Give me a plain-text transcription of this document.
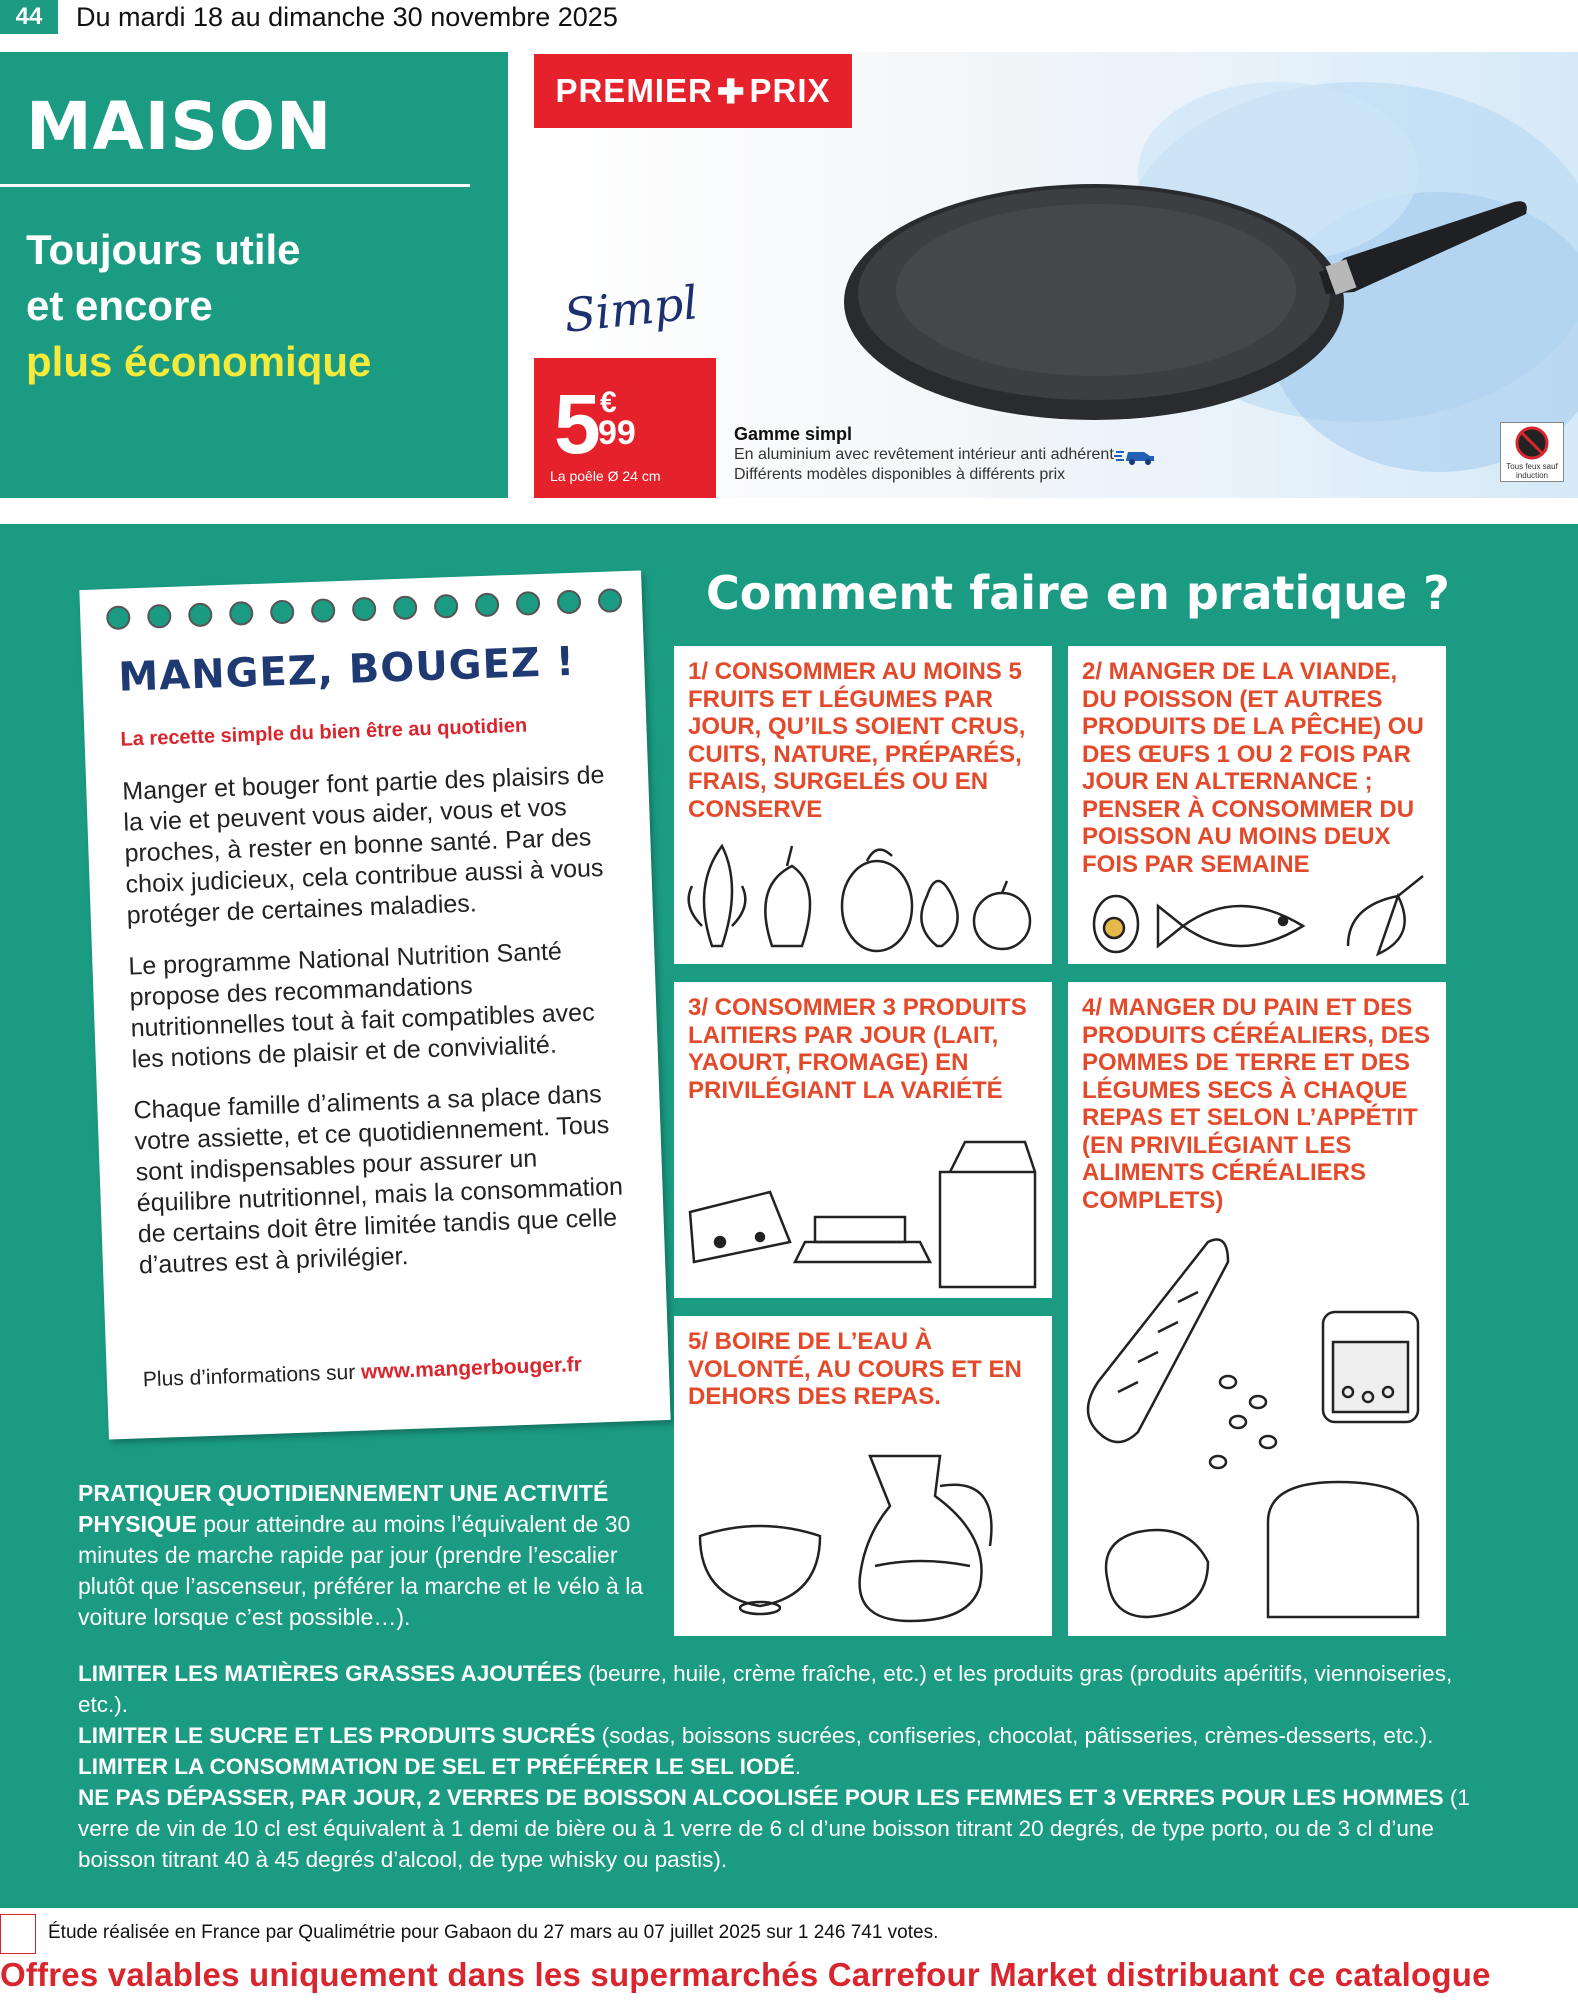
44	Du mardi 18 au dimanche 30 novembre 2025
MAISON
Toujours utile
et encore
plus économique
PREMIER ✚ PRIX
Simpl
5 €
99
La poêle Ø 24 cm
Gamme simpl
En aluminium avec revêtement intérieur anti adhérent
Différents modèles disponibles à différents prix	Tous feux sauf induction
MANGEZ, BOUGEZ !
La recette simple du bien être au quotidien

Manger et bouger font partie des plaisirs de la vie et peuvent vous aider, vous et vos proches, à rester en bonne santé. Par des choix judicieux, cela contribue aussi à vous protéger de certaines maladies.

Le programme National Nutrition Santé propose des recommandations nutritionnelles tout à fait compatibles avec les notions de plaisir et de convivialité.

Chaque famille d’aliments a sa place dans votre assiette, et ce quotidiennement. Tous sont indispensables pour assurer un équilibre nutritionnel, mais la consommation de certains doit être limitée tandis que celle d’autres est à privilégier.

Plus d’informations sur www.mangerbouger.fr
Comment faire en pratique ?
1/ CONSOMMER AU MOINS 5 FRUITS ET LÉGUMES PAR JOUR, QU’ILS SOIENT CRUS, CUITS, NATURE, PRÉPARÉS, FRAIS, SURGELÉS OU EN CONSERVE
2/ MANGER DE LA VIANDE, DU POISSON (ET AUTRES PRODUITS DE LA PÊCHE) OU DES ŒUFS 1 OU 2 FOIS PAR JOUR EN ALTERNANCE ; PENSER À CONSOMMER DU POISSON AU MOINS DEUX FOIS PAR SEMAINE
3/ CONSOMMER 3 PRODUITS LAITIERS PAR JOUR (LAIT, YAOURT, FROMAGE) EN PRIVILÉGIANT LA VARIÉTÉ
4/ MANGER DU PAIN ET DES PRODUITS CÉRÉALIERS, DES POMMES DE TERRE ET DES LÉGUMES SECS À CHAQUE REPAS ET SELON L’APPÉTIT (EN PRIVILÉGIANT LES ALIMENTS CÉRÉALIERS COMPLETS)
5/ BOIRE DE L’EAU À VOLONTÉ, AU COURS ET EN DEHORS DES REPAS.
PRATIQUER QUOTIDIENNEMENT UNE ACTIVITÉ PHYSIQUE pour atteindre au moins l’équivalent de 30 minutes de marche rapide par jour (prendre l’escalier plutôt que l’ascenseur, préférer la marche et le vélo à la voiture lorsque c’est possible…).
LIMITER LES MATIÈRES GRASSES AJOUTÉES (beurre, huile, crème fraîche, etc.) et les produits gras (produits apéritifs, viennoiseries, etc.).
LIMITER LE SUCRE ET LES PRODUITS SUCRÉS (sodas, boissons sucrées, confiseries, chocolat, pâtisseries, crèmes-desserts, etc.).
LIMITER LA CONSOMMATION DE SEL ET PRÉFÉRER LE SEL IODÉ.
NE PAS DÉPASSER, PAR JOUR, 2 VERRES DE BOISSON ALCOOLISÉE POUR LES FEMMES ET 3 VERRES POUR LES HOMMES (1 verre de vin de 10 cl est équivalent à 1 demi de bière ou à 1 verre de 6 cl d’une boisson titrant 20 degrés, de type porto, ou de 3 cl d’une boisson titrant 40 à 45 degrés d’alcool, de type whisky ou pastis).
Étude réalisée en France par Qualimétrie pour Gabaon du 27 mars au 07 juillet 2025 sur 1 246 741 votes.
Offres valables uniquement dans les supermarchés Carrefour Market distribuant ce catalogue
